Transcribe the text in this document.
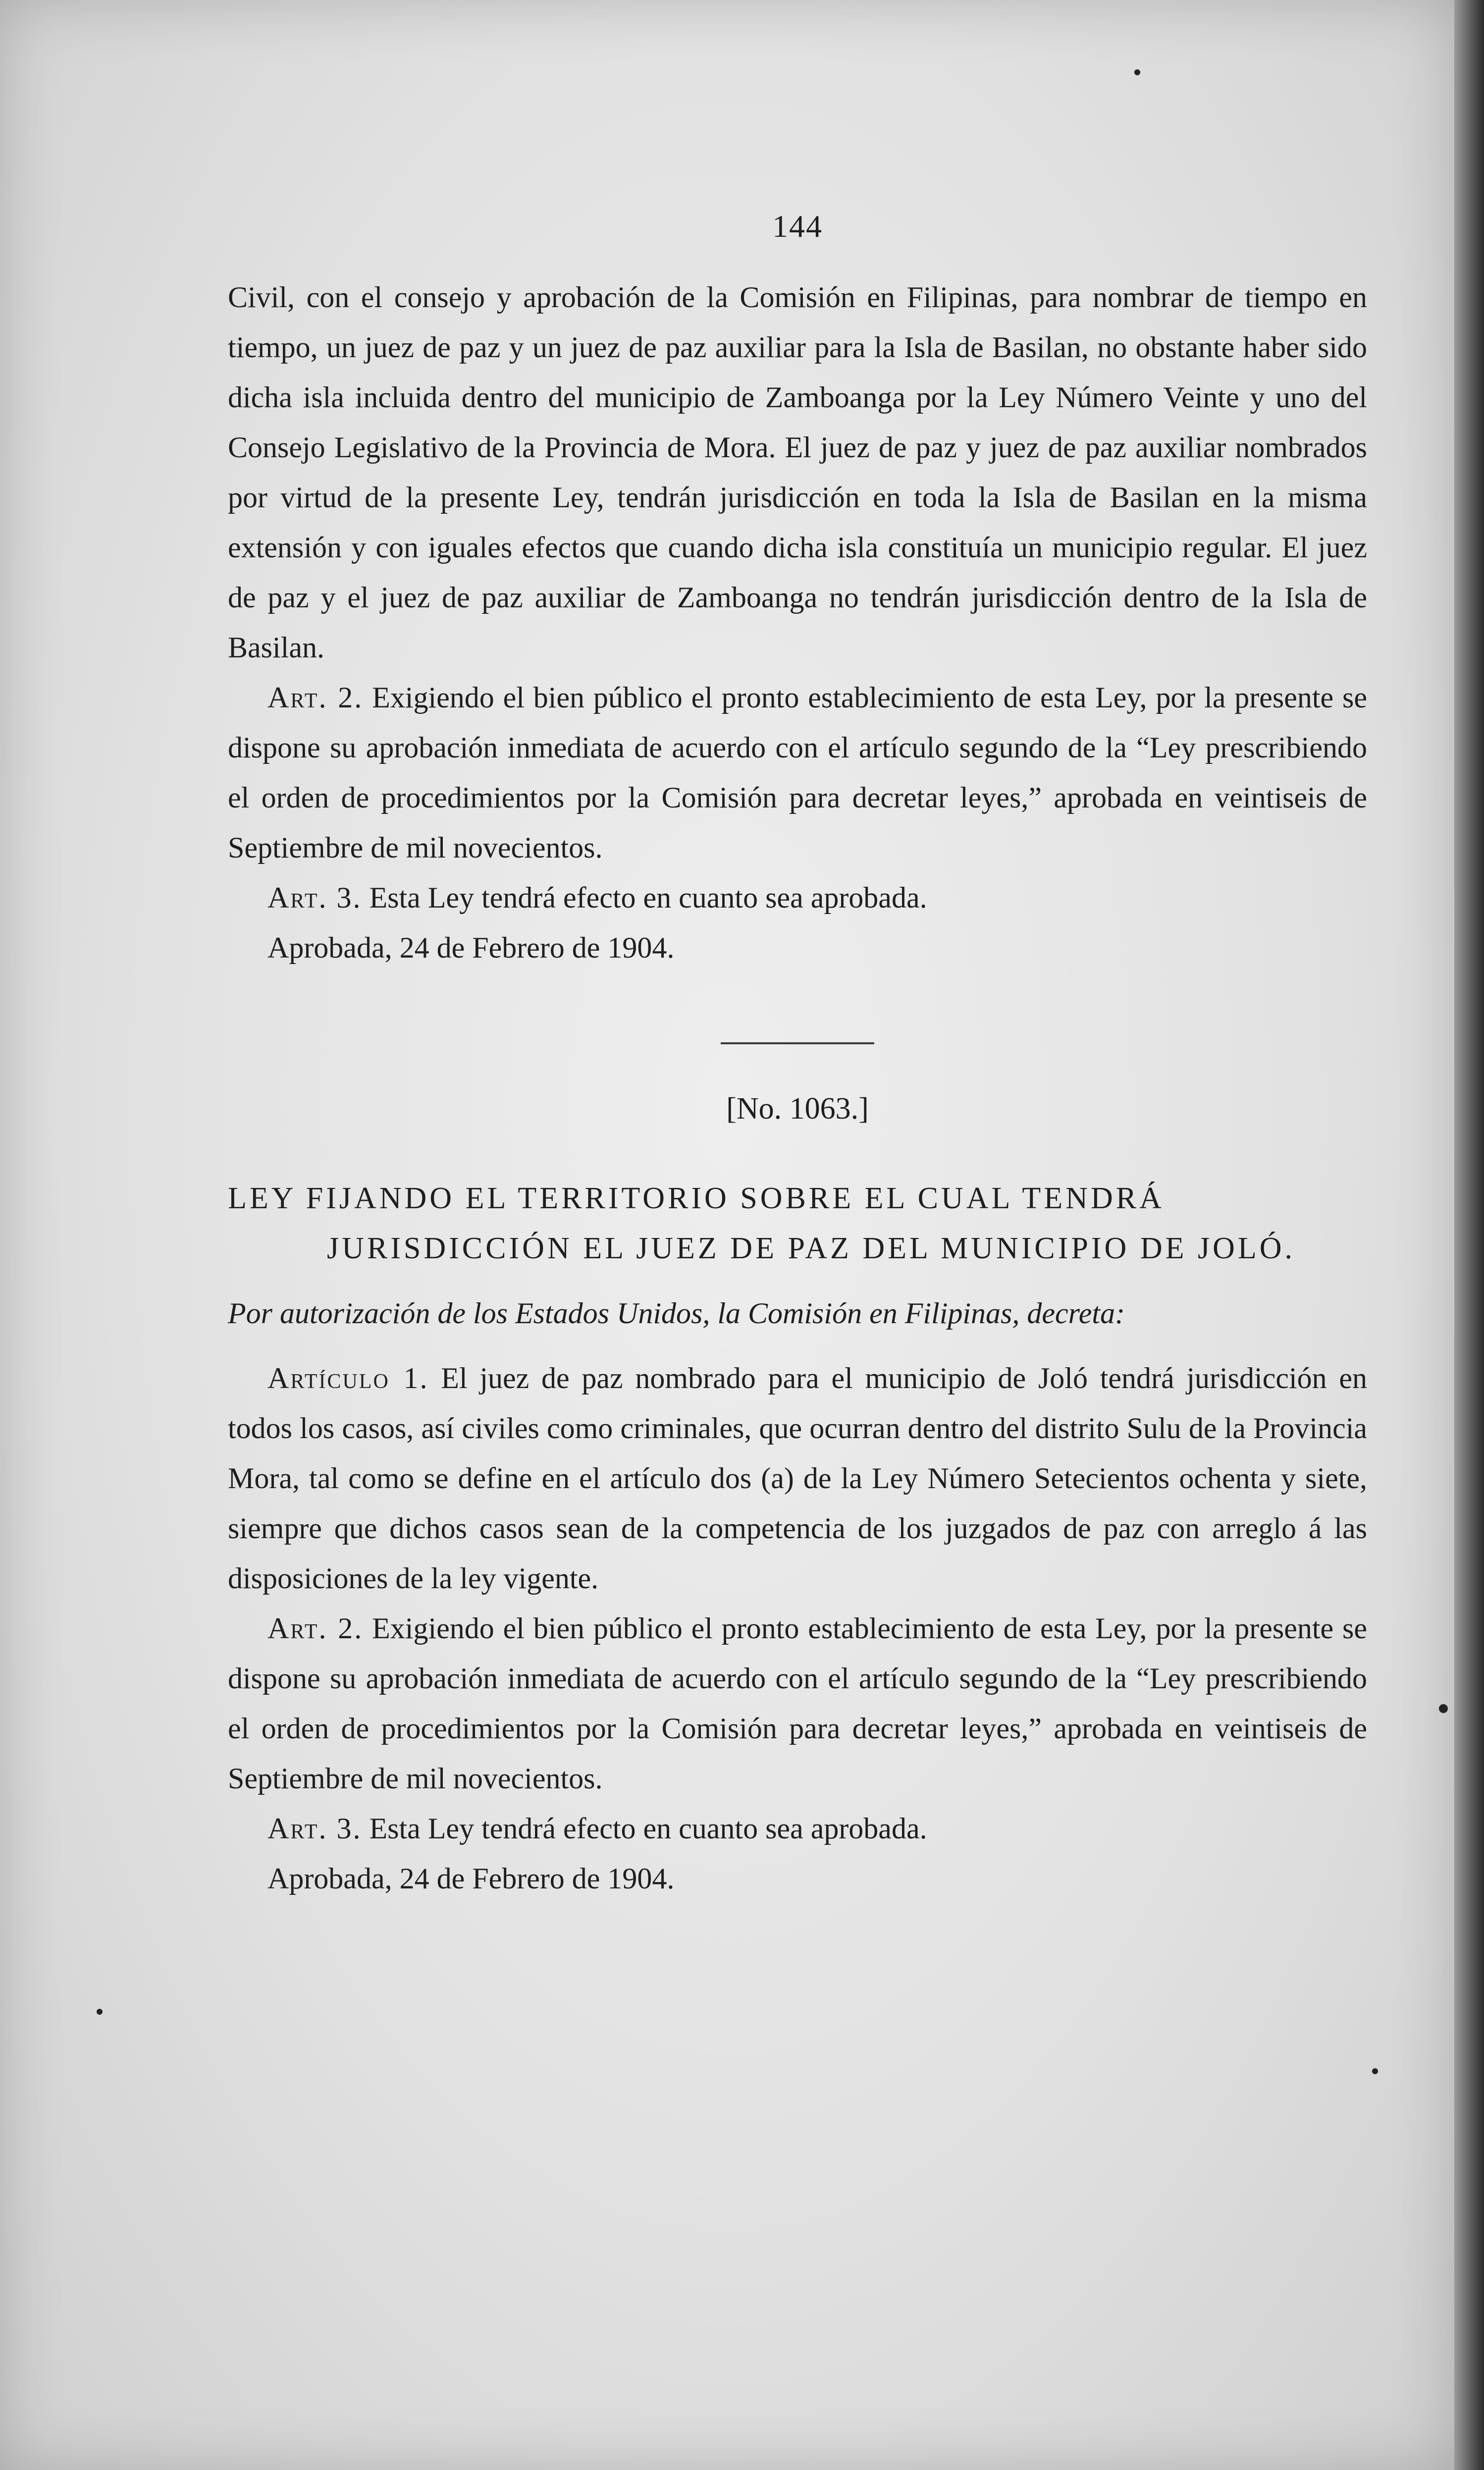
144

Civil, con el consejo y aprobación de la Comisión en Filipinas, para nombrar de tiempo en tiempo, un juez de paz y un juez de paz auxiliar para la Isla de Basilan, no obstante haber sido dicha isla incluida dentro del municipio de Zamboanga por la Ley Número Veinte y uno del Consejo Legislativo de la Provincia de Mora. El juez de paz y juez de paz auxiliar nombrados por virtud de la presente Ley, tendrán jurisdicción en toda la Isla de Basilan en la misma extensión y con iguales efectos que cuando dicha isla constituía un municipio regular. El juez de paz y el juez de paz auxiliar de Zamboanga no tendrán jurisdicción dentro de la Isla de Basilan.

Art. 2. Exigiendo el bien público el pronto establecimiento de esta Ley, por la presente se dispone su aprobación inmediata de acuerdo con el artículo segundo de la “Ley prescribiendo el orden de procedimientos por la Comisión para decretar leyes,” aprobada en veintiseis de Septiembre de mil novecientos.

Art. 3. Esta Ley tendrá efecto en cuanto sea aprobada.

Aprobada, 24 de Febrero de 1904.

[No. 1063.]

LEY FIJANDO EL TERRITORIO SOBRE EL CUAL TENDRÁ JURISDICCIÓN EL JUEZ DE PAZ DEL MUNICIPIO DE JOLÓ.

Por autorización de los Estados Unidos, la Comisión en Filipinas, decreta:

Artículo 1. El juez de paz nombrado para el municipio de Joló tendrá jurisdicción en todos los casos, así civiles como criminales, que ocurran dentro del distrito Sulu de la Provincia Mora, tal como se define en el artículo dos (a) de la Ley Número Setecientos ochenta y siete, siempre que dichos casos sean de la competencia de los juzgados de paz con arreglo á las disposiciones de la ley vigente.

Art. 2. Exigiendo el bien público el pronto establecimiento de esta Ley, por la presente se dispone su aprobación inmediata de acuerdo con el artículo segundo de la “Ley prescribiendo el orden de procedimientos por la Comisión para decretar leyes,” aprobada en veintiseis de Septiembre de mil novecientos.

Art. 3. Esta Ley tendrá efecto en cuanto sea aprobada.

Aprobada, 24 de Febrero de 1904.
